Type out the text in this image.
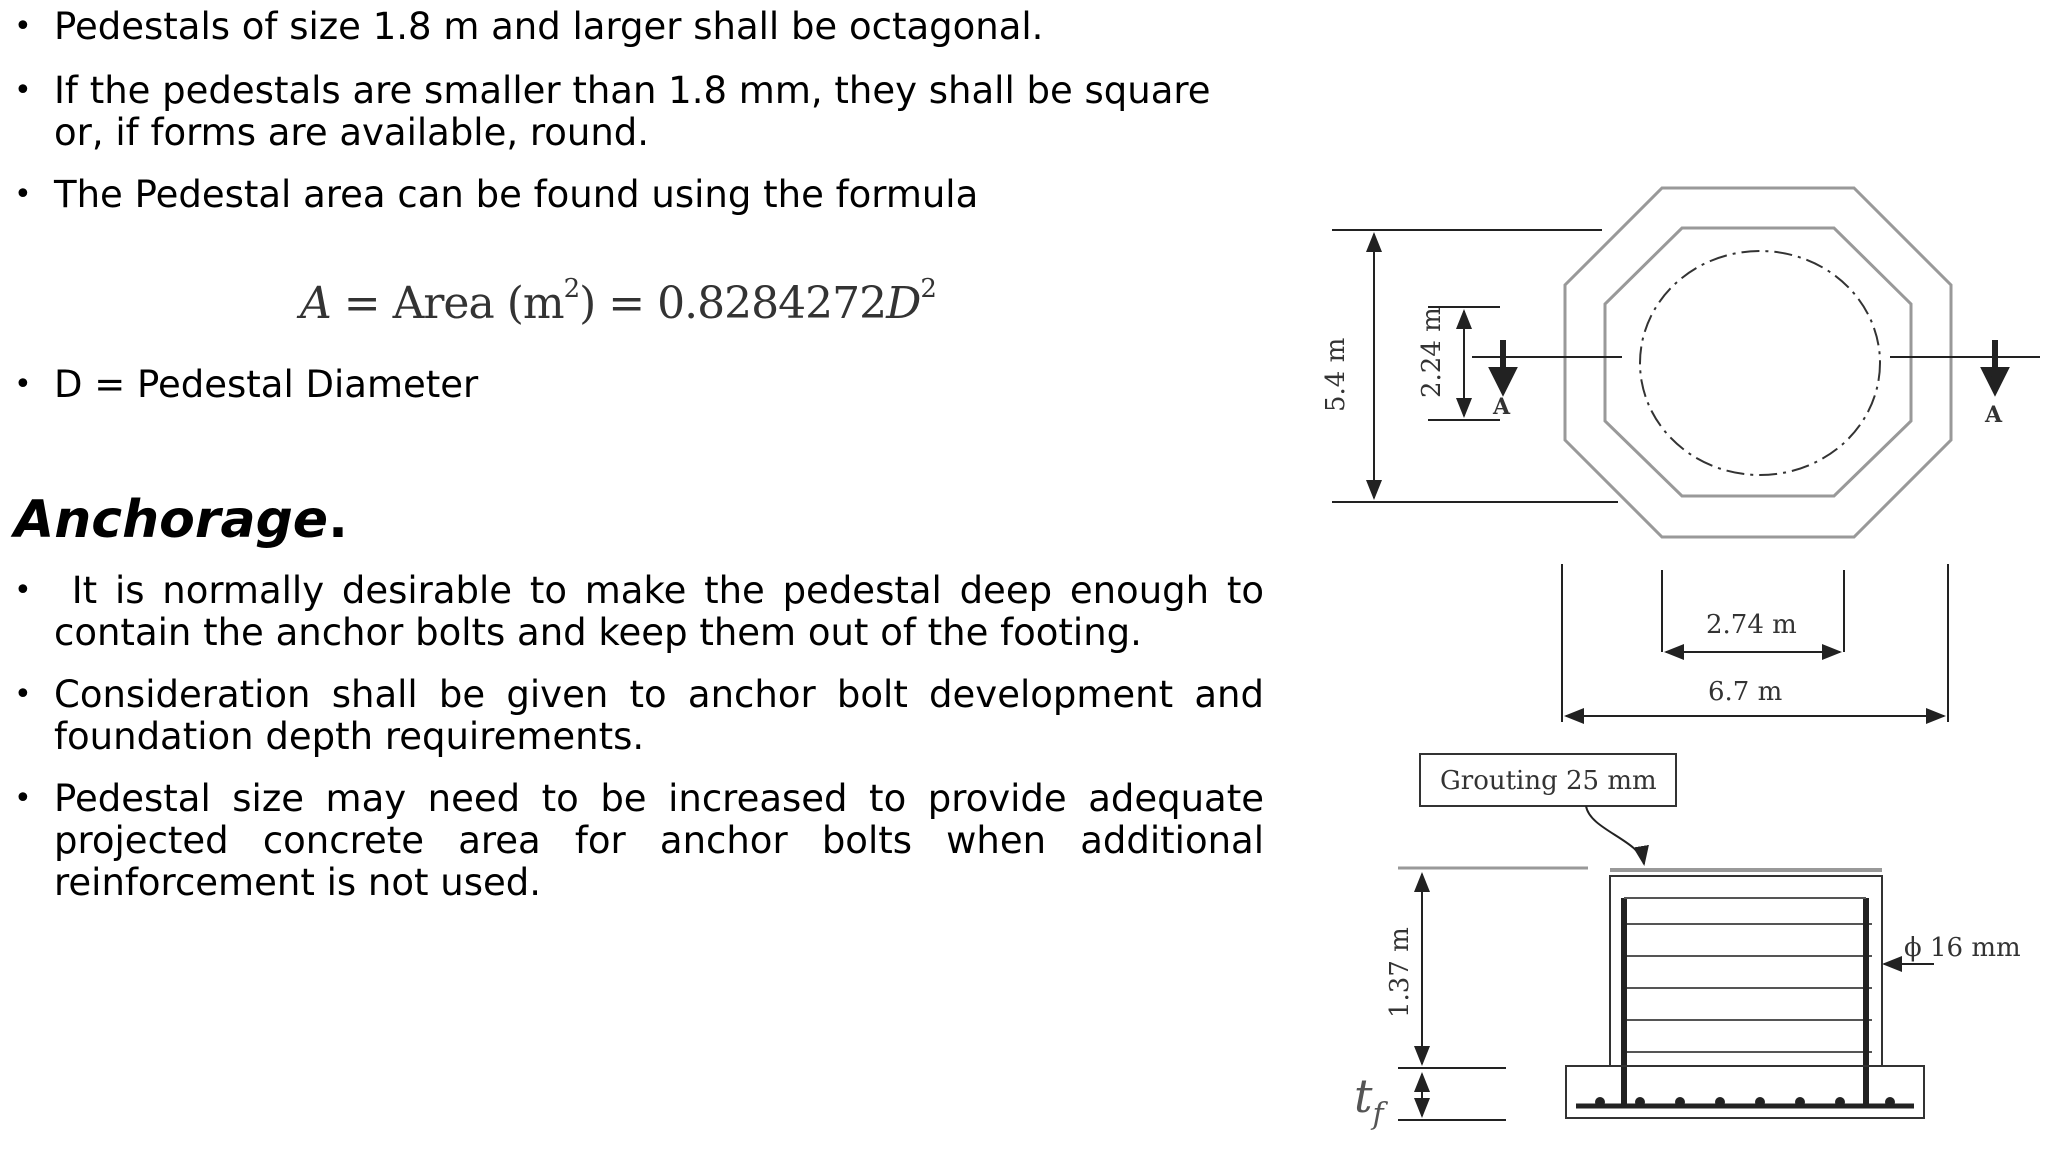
• Pedestals of size 1.8 m and larger shall be octagonal.
• If the pedestals are smaller than 1.8 mm, they shall be square or, if forms are available, round.
• The Pedestal area can be found using the formula
A = Area $(m^2) = 0.8284272D^2$
• D = Pedestal Diameter
Anchorage.
• It is normally desirable to make the pedestal deep enough to contain the anchor bolts and keep them out of the footing.
• Consideration shall be given to anchor bolt development and foundation depth requirements.
• Pedestal size may need to be increased to provide adequate projected concrete area for anchor bolts when additional reinforcement is not used.
A	A
5.4 m	2.24 m
2.74 m
6.7 m
Grouting 25 mm
ϕ 16 mm
1.37 m
$t_f$
